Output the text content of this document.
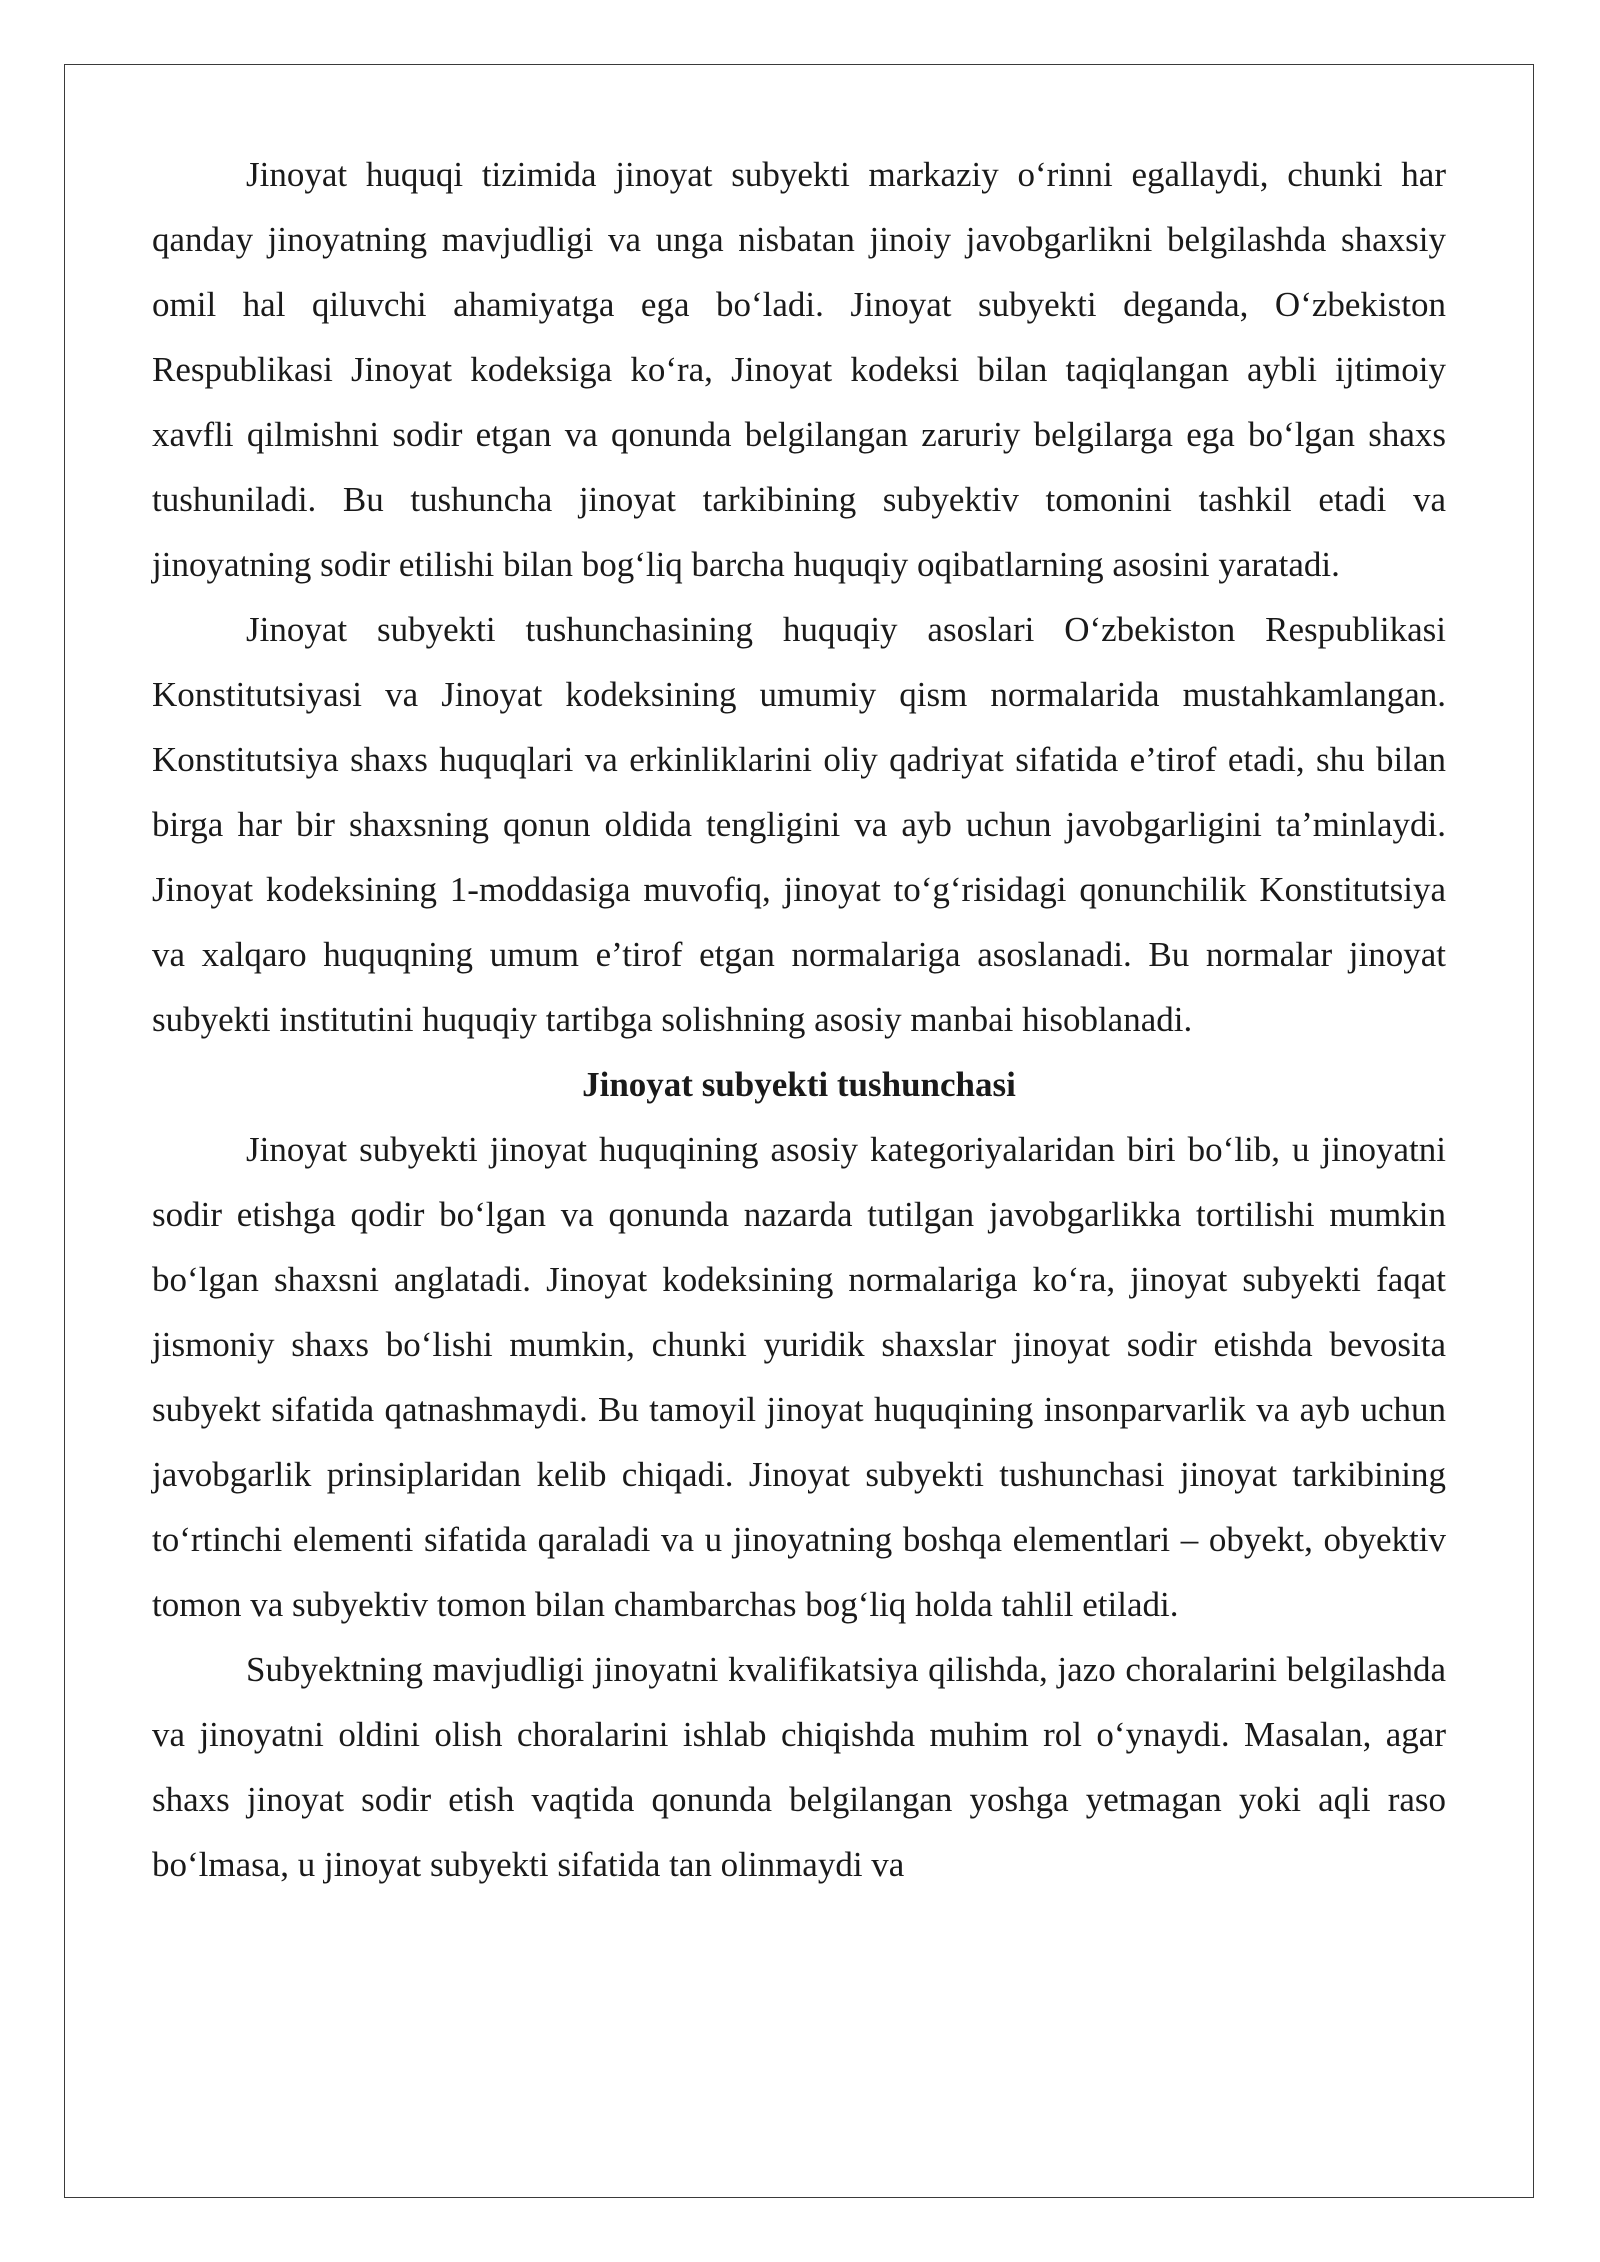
Jinoyat huquqi tizimida jinoyat subyekti markaziy o‘rinni egallaydi, chunki har qanday jinoyatning mavjudligi va unga nisbatan jinoiy javobgarlikni belgilashda shaxsiy omil hal qiluvchi ahamiyatga ega bo‘ladi. Jinoyat subyekti deganda, O‘zbekiston Respublikasi Jinoyat kodeksiga ko‘ra, Jinoyat kodeksi bilan taqiqlangan aybli ijtimoiy xavfli qilmishni sodir etgan va qonunda belgilangan zaruriy belgilarga ega bo‘lgan shaxs tushuniladi. Bu tushuncha jinoyat tarkibining subyektiv tomonini tashkil etadi va jinoyatning sodir etilishi bilan bog‘liq barcha huquqiy oqibatlarning asosini yaratadi.

Jinoyat subyekti tushunchasining huquqiy asoslari O‘zbekiston Respublikasi Konstitutsiyasi va Jinoyat kodeksining umumiy qism normalarida mustahkamlangan. Konstitutsiya shaxs huquqlari va erkinliklarini oliy qadriyat sifatida e’tirof etadi, shu bilan birga har bir shaxsning qonun oldida tengligini va ayb uchun javobgarligini ta’minlaydi. Jinoyat kodeksining 1-moddasiga muvofiq, jinoyat to‘g‘risidagi qonunchilik Konstitutsiya va xalqaro huquqning umum e’tirof etgan normalariga asoslanadi. Bu normalar jinoyat subyekti institutini huquqiy tartibga solishning asosiy manbai hisoblanadi.

Jinoyat subyekti tushunchasi

Jinoyat subyekti jinoyat huquqining asosiy kategoriyalaridan biri bo‘lib, u jinoyatni sodir etishga qodir bo‘lgan va qonunda nazarda tutilgan javobgarlikka tortilishi mumkin bo‘lgan shaxsni anglatadi. Jinoyat kodeksining normalariga ko‘ra, jinoyat subyekti faqat jismoniy shaxs bo‘lishi mumkin, chunki yuridik shaxslar jinoyat sodir etishda bevosita subyekt sifatida qatnashmaydi. Bu tamoyil jinoyat huquqining insonparvarlik va ayb uchun javobgarlik prinsiplaridan kelib chiqadi. Jinoyat subyekti tushunchasi jinoyat tarkibining to‘rtinchi elementi sifatida qaraladi va u jinoyatning boshqa elementlari – obyekt, obyektiv tomon va subyektiv tomon bilan chambarchas bog‘liq holda tahlil etiladi.

Subyektning mavjudligi jinoyatni kvalifikatsiya qilishda, jazo choralarini belgilashda va jinoyatni oldini olish choralarini ishlab chiqishda muhim rol o‘ynaydi. Masalan, agar shaxs jinoyat sodir etish vaqtida qonunda belgilangan yoshga yetmagan yoki aqli raso bo‘lmasa, u jinoyat subyekti sifatida tan olinmaydi va
